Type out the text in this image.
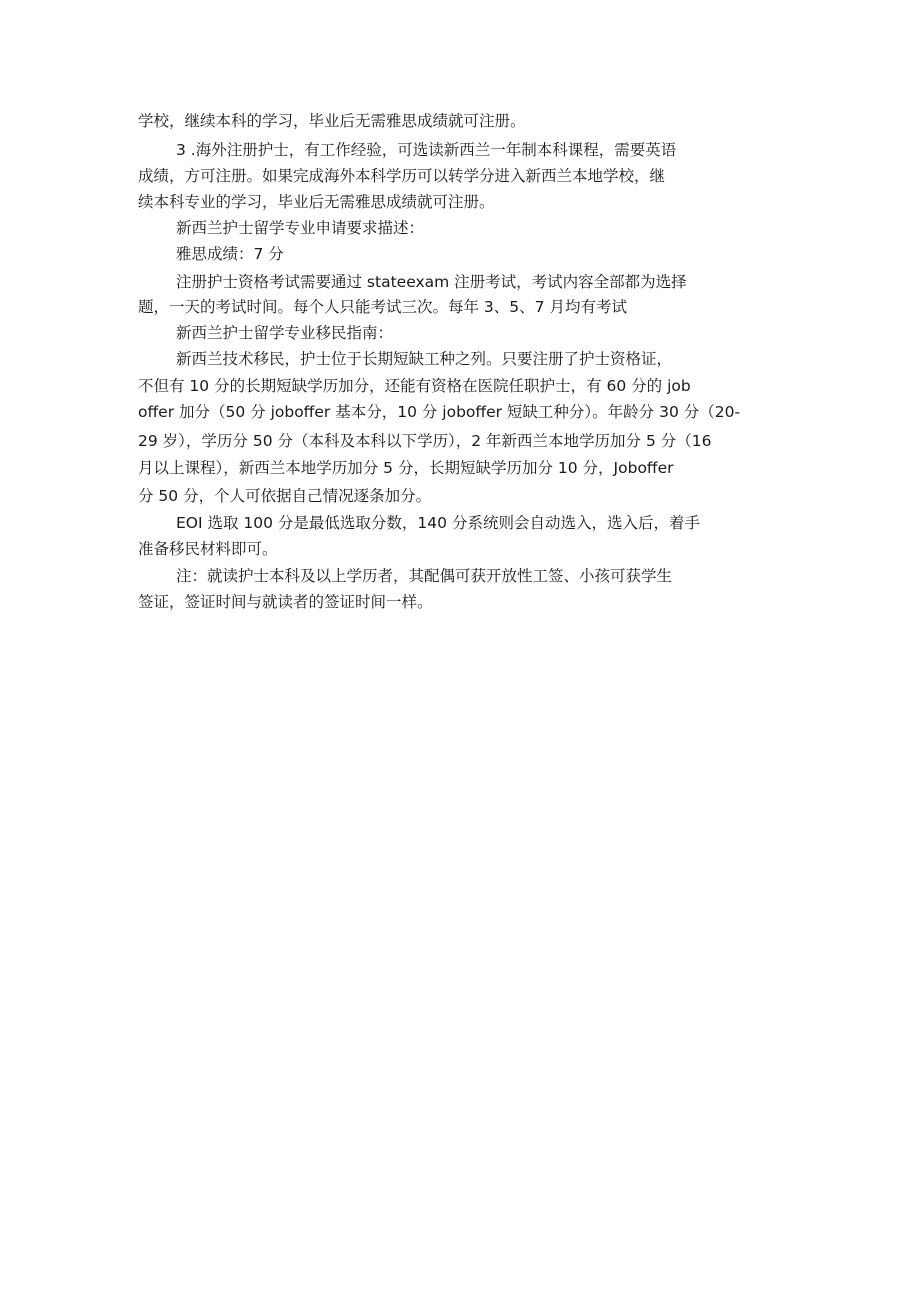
学校，继续本科的学习，毕业后无需雅思成绩就可注册。
3 .海外注册护士，有工作经验，可选读新西兰一年制本科课程，需要英语
成绩，方可注册。如果完成海外本科学历可以转学分进入新西兰本地学校，继
续本科专业的学习，毕业后无需雅思成绩就可注册。
新西兰护士留学专业申请要求描述：
雅思成绩：7 分
注册护士资格考试需要通过 stateexam 注册考试，考试内容全部都为选择
题，一天的考试时间。每个人只能考试三次。每年 3、5、7 月均有考试
新西兰护士留学专业移民指南：
新西兰技术移民，护士位于长期短缺工种之列。只要注册了护士资格证，
不但有 10 分的长期短缺学历加分，还能有资格在医院任职护士，有 60 分的 job
offer 加分（50 分 joboffer 基本分，10 分 joboffer 短缺工种分）。年龄分 30 分（20-
29 岁），学历分 50 分（本科及本科以下学历），2 年新西兰本地学历加分 5 分（16
月以上课程），新西兰本地学历加分 5 分，长期短缺学历加分 10 分，Joboffer
分 50 分，个人可依据自己情况逐条加分。
EOI 选取 100 分是最低选取分数，140 分系统则会自动选入，选入后，着手
准备移民材料即可。
注：就读护士本科及以上学历者，其配偶可获开放性工签、小孩可获学生
签证，签证时间与就读者的签证时间一样。
